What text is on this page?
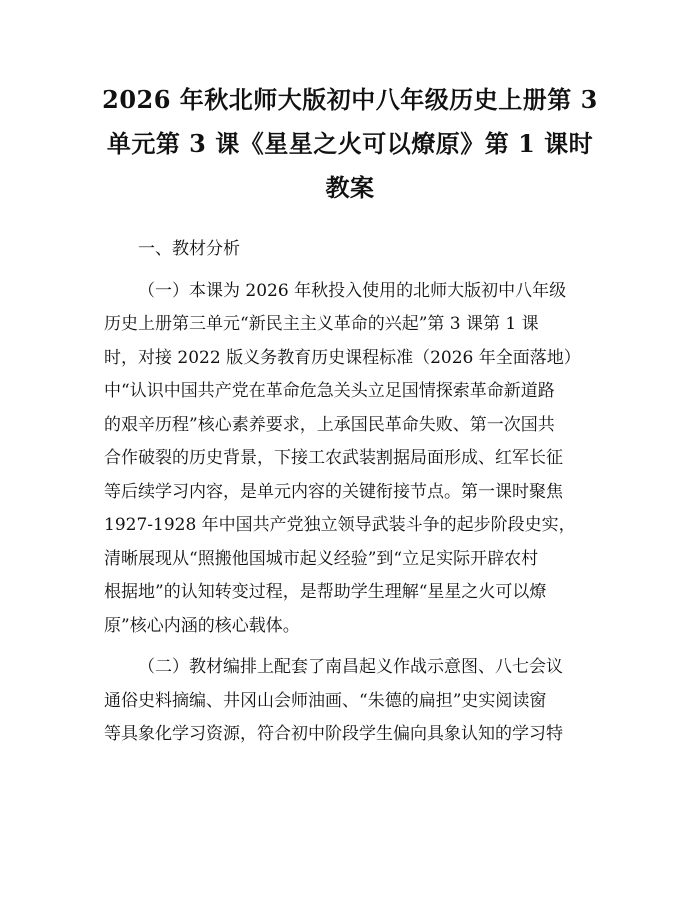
2026 年秋北师大版初中八年级历史上册第 3
单元第 3 课《星星之火可以燎原》第 1 课时
教案
一、教材分析
（一）本课为 2026 年秋投入使用的北师大版初中八年级
历史上册第三单元“新民主主义革命的兴起”第 3 课第 1 课
时，对接 2022 版义务教育历史课程标准（2026 年全面落地）
中“认识中国共产党在革命危急关头立足国情探索革命新道路
的艰辛历程”核心素养要求，上承国民革命失败、第一次国共
合作破裂的历史背景，下接工农武装割据局面形成、红军长征
等后续学习内容，是单元内容的关键衔接节点。第一课时聚焦
1927-1928 年中国共产党独立领导武装斗争的起步阶段史实，
清晰展现从“照搬他国城市起义经验”到“立足实际开辟农村
根据地”的认知转变过程，是帮助学生理解“星星之火可以燎
原”核心内涵的核心载体。
（二）教材编排上配套了南昌起义作战示意图、八七会议
通俗史料摘编、井冈山会师油画、“朱德的扁担”史实阅读窗
等具象化学习资源，符合初中阶段学生偏向具象认知的学习特
